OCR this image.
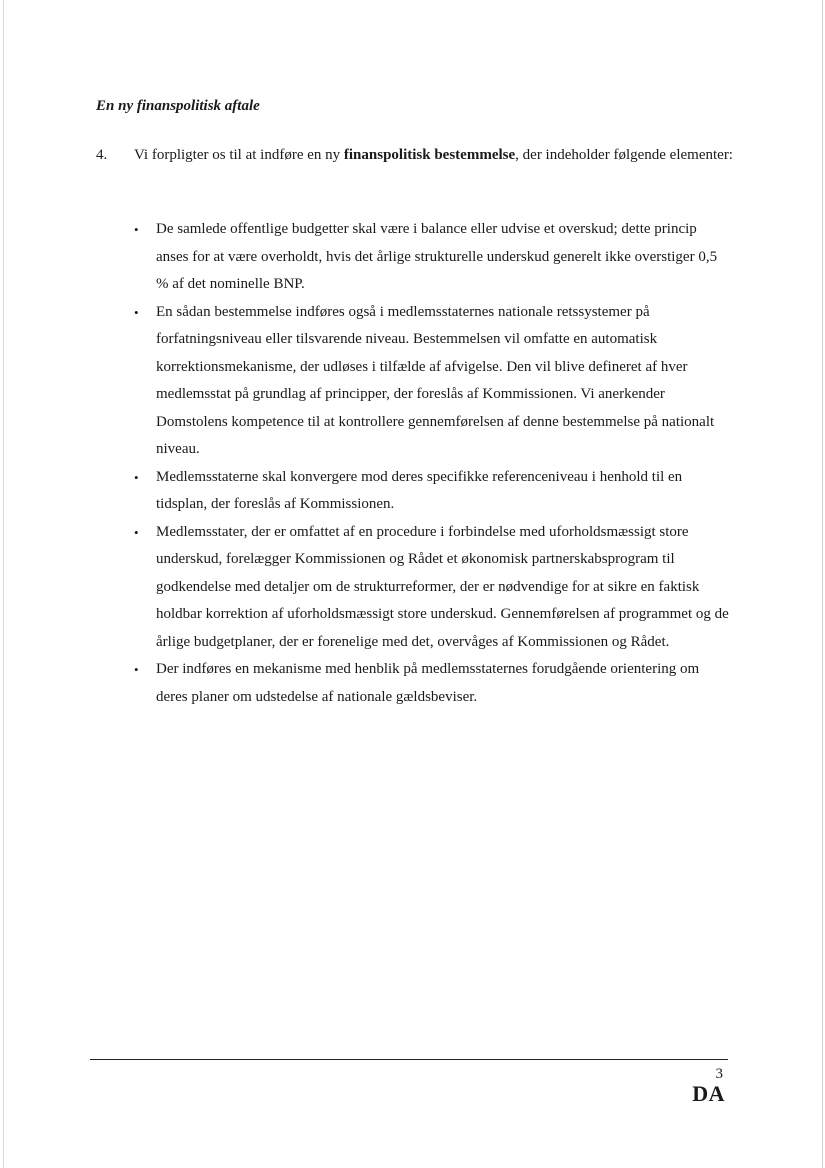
En ny finanspolitisk aftale
4. Vi forpligter os til at indføre en ny finanspolitisk bestemmelse, der indeholder følgende elementer:
• De samlede offentlige budgetter skal være i balance eller udvise et overskud; dette princip anses for at være overholdt, hvis det årlige strukturelle underskud generelt ikke overstiger 0,5 % af det nominelle BNP.
• En sådan bestemmelse indføres også i medlemsstaternes nationale retssystemer på forfatningsniveau eller tilsvarende niveau. Bestemmelsen vil omfatte en automatisk korrektionsmekanisme, der udløses i tilfælde af afvigelse. Den vil blive defineret af hver medlemsstat på grundlag af principper, der foreslås af Kommissionen. Vi anerkender Domstolens kompetence til at kontrollere gennemførelsen af denne bestemmelse på nationalt niveau.
• Medlemsstaterne skal konvergere mod deres specifikke referenceniveau i henhold til en tidsplan, der foreslås af Kommissionen.
• Medlemsstater, der er omfattet af en procedure i forbindelse med uforholdsmæssigt store underskud, forelægger Kommissionen og Rådet et økonomisk partnerskabsprogram til godkendelse med detaljer om de strukturreformer, der er nødvendige for at sikre en faktisk holdbar korrektion af uforholdsmæssigt store underskud. Gennemførelsen af programmet og de årlige budgetplaner, der er forenelige med det, overvåges af Kommissionen og Rådet.
• Der indføres en mekanisme med henblik på medlemsstaternes forudgående orientering om deres planer om udstedelse af nationale gældsbeviser.
3
DA
